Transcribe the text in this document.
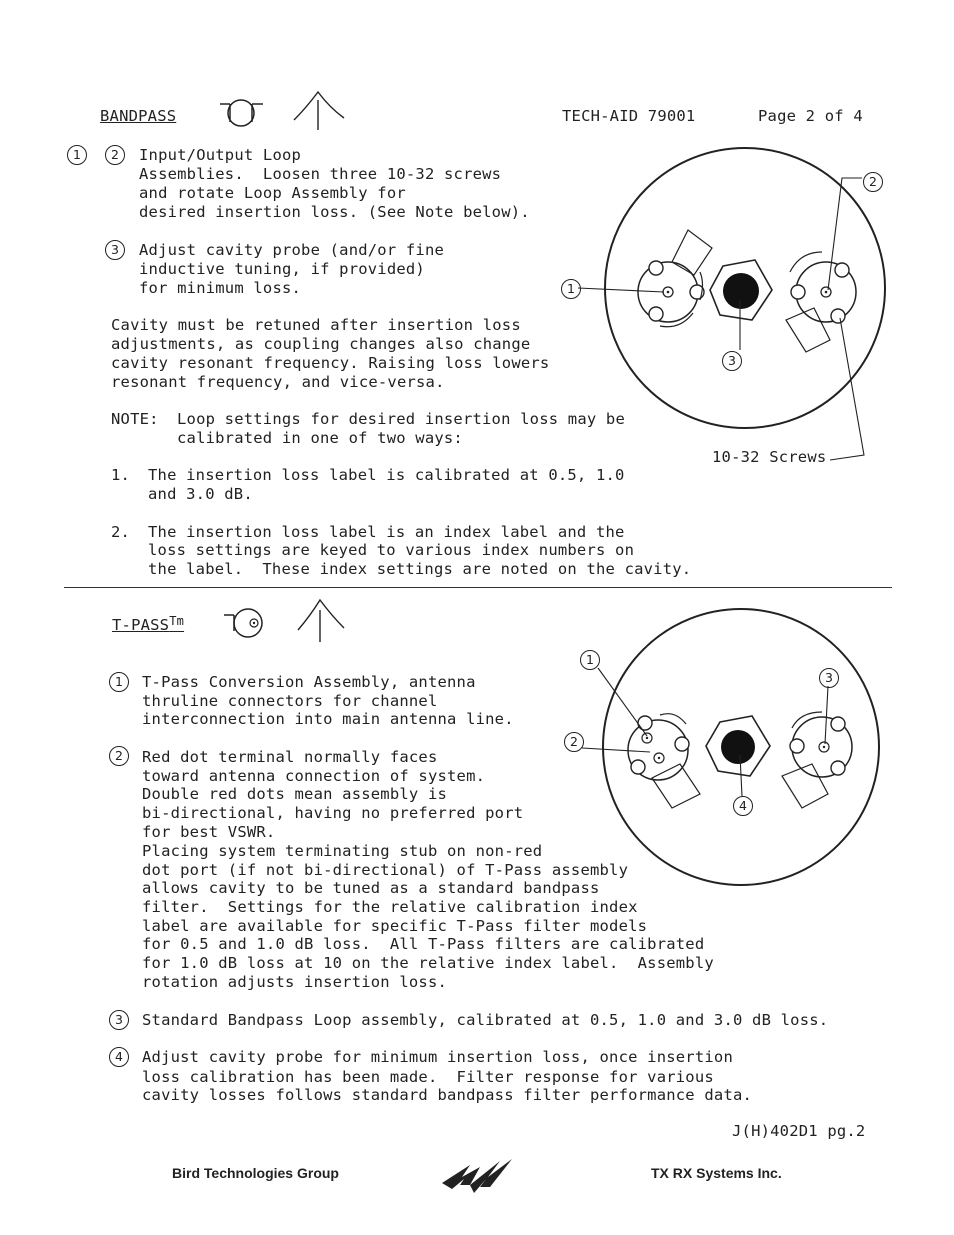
BANDPASS	TECH-AID 79001	Page 2 of 4
1	2	Input/Output Loop
Assemblies.  Loosen three 10-32 screws
and rotate Loop Assembly for
desired insertion loss. (See Note below).
3	Adjust cavity probe (and/or fine
inductive tuning, if provided)
for minimum loss.
Cavity must be retuned after insertion loss
adjustments, as coupling changes also change
cavity resonant frequency. Raising loss lowers
resonant frequency, and vice-versa.
NOTE: Loop settings for desired insertion loss may be
calibrated in one of two ways:
1. The insertion loss label is calibrated at 0.5, 1.0
and 3.0 dB.
2. The insertion loss label is an index label and the
loss settings are keyed to various index numbers on
the label.  These index settings are noted on the cavity.
1
3
2
10-32 Screws
$T-PASS^{Tm}$
1	T-Pass Conversion Assembly, antenna
thruline connectors for channel
interconnection into main antenna line.
2	Red dot terminal normally faces
toward antenna connection of system.
Double red dots mean assembly is
bi-directional, having no preferred port
for best VSWR.
Placing system terminating stub on non-red
dot port (if not bi-directional) of T-Pass assembly
allows cavity to be tuned as a standard bandpass
filter.  Settings for the relative calibration index
label are available for specific T-Pass filter models
for 0.5 and 1.0 dB loss.  All T-Pass filters are calibrated
for 1.0 dB loss at 10 on the relative index label.  Assembly
rotation adjusts insertion loss.
3	Standard Bandpass Loop assembly, calibrated at 0.5, 1.0 and 3.0 dB loss.
4	Adjust cavity probe for minimum insertion loss, once insertion
loss calibration has been made.  Filter response for various
cavity losses follows standard bandpass filter performance data.
1
2
3
4
J(H)402D1 pg.2
Bird Technologies Group	TX RX Systems Inc.
